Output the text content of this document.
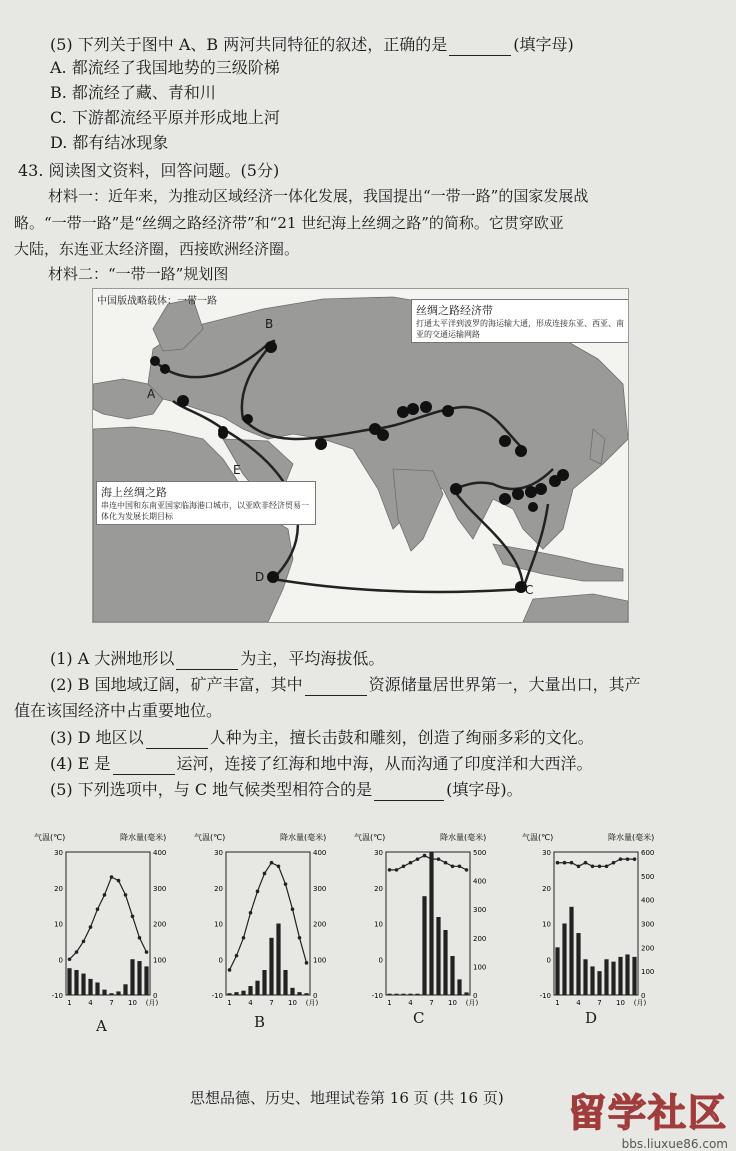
(5) 下列关于图中 A、B 两河共同特征的叙述，正确的是	(填字母)
A. 都流经了我国地势的三级阶梯
B. 都流经了藏、青和川
C. 下游都流经平原并形成地上河
D. 都有结冰现象
43. 阅读图文资料，回答问题。(5分)
材料一：近年来，为推动区域经济一体化发展，我国提出“一带一路”的国家发展战
略。“一带一路”是“丝绸之路经济带”和“21 世纪海上丝绸之路”的简称。它贯穿欧亚
大陆，东连亚太经济圈，西接欧洲经济圈。
材料二：“一带一路”规划图
中国版战略载体：一带一路
丝绸之路经济带
打通太平洋到波罗的海运输大通，形成连接东亚、西亚、南亚的交通运输网路
海上丝绸之路
串连中国和东南亚国家临海港口城市，以亚欧非经济贸易一体化为发展长期目标
B
A
E
D
C
(1) A 大洲地形以	为主，平均海拔低。
(2) B 国地域辽阔，矿产丰富，其中	资源储量居世界第一，大量出口，其产
值在该国经济中占重要地位。
(3) D 地区以	人种为主，擅长击鼓和雕刻，创造了绚丽多彩的文化。
(4) E 是	运河，连接了红海和地中海，从而沟通了印度洋和大西洋。
(5) 下列选项中，与 C 地气候类型相符合的是	(填字母)。
气温(℃)	降水量(毫米)
30
20
10
0
-10
400
300
200
100
0
1 4 7 10 (月)
气温(℃)	降水量(毫米)
30
20
10
0
-10
400
300
200
100
0
1 4 7 10 (月)
气温(℃)	降水量(毫米)
30
20
10
0
-10
500
400
300
200
100
0
1 4 7 10 (月)
气温(℃)	降水量(毫米)
30
20
10
0
-10
600
500
400
300
200
100
0
1 4 7 10 (月)
A	B	C	D
思想品德、历史、地理试卷第 16 页 (共 16 页) 留学社区
bbs.liuxue86.com
